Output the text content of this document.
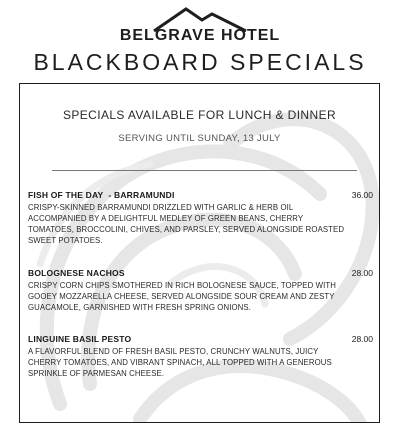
BELGRAVE HOTEL
BLACKBOARD SPECIALS
SPECIALS AVAILABLE FOR LUNCH & DINNER
SERVING UNTIL SUNDAY, 13 JULY
FISH OF THE DAY  - BARRAMUNDI
CRISPY-SKINNED BARRAMUNDI DRIZZLED WITH GARLIC & HERB OIL ACCOMPANIED BY A DELIGHTFUL MEDLEY OF GREEN BEANS, CHERRY TOMATOES, BROCCOLINI, CHIVES, AND PARSLEY, SERVED ALONGSIDE ROASTED SWEET POTATOES.
36.00
BOLOGNESE NACHOS
CRISPY CORN CHIPS SMOTHERED IN RICH BOLOGNESE SAUCE, TOPPED WITH GOOEY MOZZARELLA CHEESE, SERVED ALONGSIDE SOUR CREAM AND ZESTY GUACAMOLE, GARNISHED WITH FRESH SPRING ONIONS.
28.00
LINGUINE BASIL PESTO
A FLAVORFUL BLEND OF FRESH BASIL PESTO, CRUNCHY WALNUTS, JUICY CHERRY TOMATOES, AND VIBRANT SPINACH, ALL TOPPED WITH A GENEROUS SPRINKLE OF PARMESAN CHEESE.
28.00
